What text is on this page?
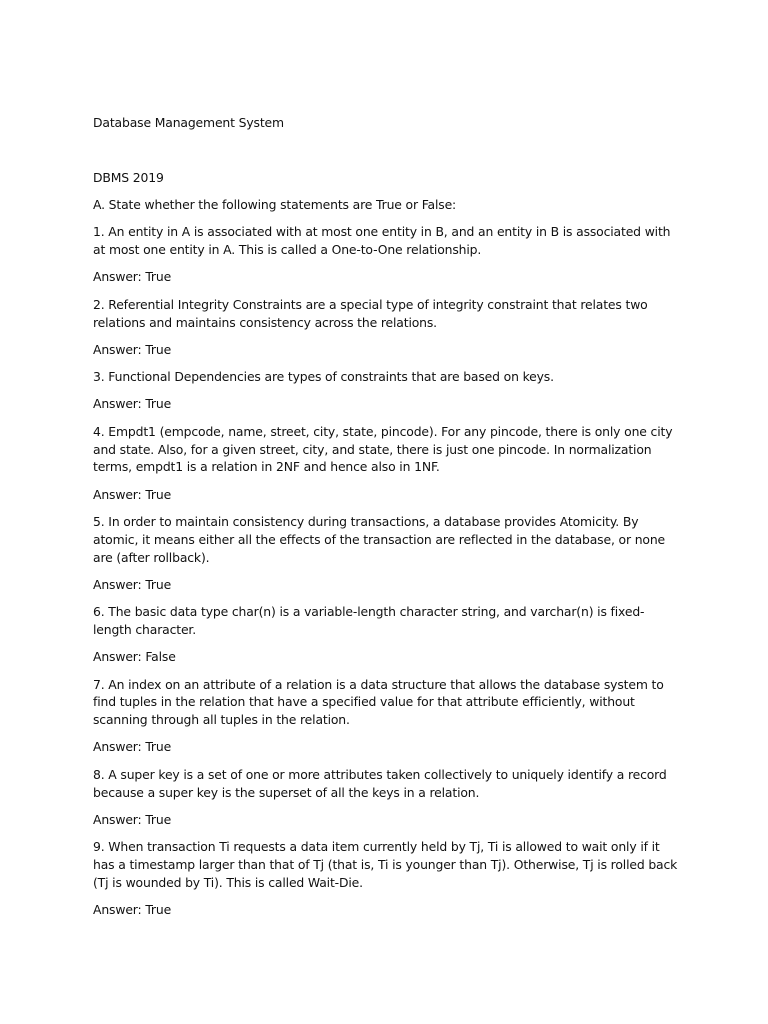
Database Management System

DBMS 2019

A. State whether the following statements are True or False:

1. An entity in A is associated with at most one entity in B, and an entity in B is associated with at most one entity in A. This is called a One-to-One relationship.

Answer: True

2. Referential Integrity Constraints are a special type of integrity constraint that relates two relations and maintains consistency across the relations.

Answer: True

3. Functional Dependencies are types of constraints that are based on keys.

Answer: True

4. Empdt1 (empcode, name, street, city, state, pincode). For any pincode, there is only one city and state. Also, for a given street, city, and state, there is just one pincode. In normalization terms, empdt1 is a relation in 2NF and hence also in 1NF.

Answer: True

5. In order to maintain consistency during transactions, a database provides Atomicity. By atomic, it means either all the effects of the transaction are reflected in the database, or none are (after rollback).

Answer: True

6. The basic data type char(n) is a variable-length character string, and varchar(n) is fixed-length character.

Answer: False

7. An index on an attribute of a relation is a data structure that allows the database system to find tuples in the relation that have a specified value for that attribute efficiently, without scanning through all tuples in the relation.

Answer: True

8. A super key is a set of one or more attributes taken collectively to uniquely identify a record because a super key is the superset of all the keys in a relation.

Answer: True

9. When transaction Ti requests a data item currently held by Tj, Ti is allowed to wait only if it has a timestamp larger than that of Tj (that is, Ti is younger than Tj). Otherwise, Tj is rolled back (Tj is wounded by Ti). This is called Wait-Die.

Answer: True
